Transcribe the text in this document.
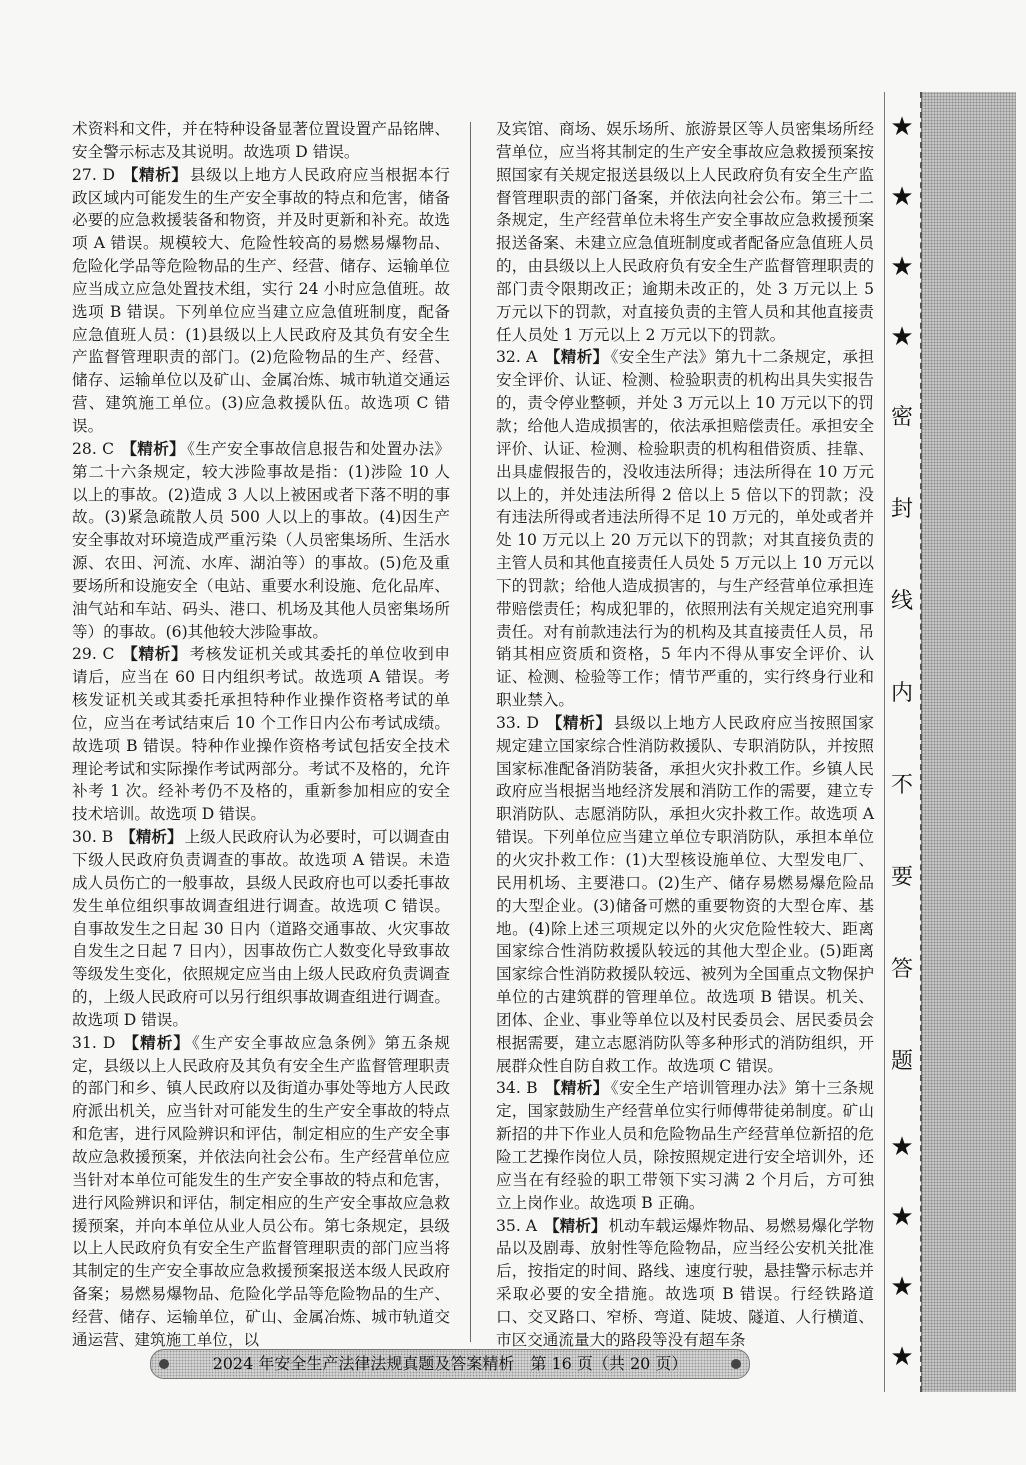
术资料和文件，并在特种设备显著位置设置产品铭牌、安全警示标志及其说明。故选项 D 错误。

27. D 【精析】 县级以上地方人民政府应当根据本行政区域内可能发生的生产安全事故的特点和危害，储备必要的应急救援装备和物资，并及时更新和补充。故选项 A 错误。规模较大、危险性较高的易燃易爆物品、危险化学品等危险物品的生产、经营、储存、运输单位应当成立应急处置技术组，实行 24 小时应急值班。故选项 B 错误。下列单位应当建立应急值班制度，配备应急值班人员：(1)县级以上人民政府及其负有安全生产监督管理职责的部门。(2)危险物品的生产、经营、储存、运输单位以及矿山、金属冶炼、城市轨道交通运营、建筑施工单位。(3)应急救援队伍。故选项 C 错误。

28. C 【精析】 《生产安全事故信息报告和处置办法》第二十六条规定，较大涉险事故是指：(1)涉险 10 人以上的事故。(2)造成 3 人以上被困或者下落不明的事故。(3)紧急疏散人员 500 人以上的事故。(4)因生产安全事故对环境造成严重污染（人员密集场所、生活水源、农田、河流、水库、湖泊等）的事故。(5)危及重要场所和设施安全（电站、重要水利设施、危化品库、油气站和车站、码头、港口、机场及其他人员密集场所等）的事故。(6)其他较大涉险事故。

29. C 【精析】 考核发证机关或其委托的单位收到申请后，应当在 60 日内组织考试。故选项 A 错误。考核发证机关或其委托承担特种作业操作资格考试的单位，应当在考试结束后 10 个工作日内公布考试成绩。故选项 B 错误。特种作业操作资格考试包括安全技术理论考试和实际操作考试两部分。考试不及格的，允许补考 1 次。经补考仍不及格的，重新参加相应的安全技术培训。故选项 D 错误。

30. B 【精析】 上级人民政府认为必要时，可以调查由下级人民政府负责调查的事故。故选项 A 错误。未造成人员伤亡的一般事故，县级人民政府也可以委托事故发生单位组织事故调查组进行调查。故选项 C 错误。自事故发生之日起 30 日内（道路交通事故、火灾事故自发生之日起 7 日内），因事故伤亡人数变化导致事故等级发生变化，依照规定应当由上级人民政府负责调查的，上级人民政府可以另行组织事故调查组进行调查。故选项 D 错误。

31. D 【精析】 《生产安全事故应急条例》第五条规定，县级以上人民政府及其负有安全生产监督管理职责的部门和乡、镇人民政府以及街道办事处等地方人民政府派出机关，应当针对可能发生的生产安全事故的特点和危害，进行风险辨识和评估，制定相应的生产安全事故应急救援预案，并依法向社会公布。生产经营单位应当针对本单位可能发生的生产安全事故的特点和危害，进行风险辨识和评估，制定相应的生产安全事故应急救援预案，并向本单位从业人员公布。第七条规定，县级以上人民政府负有安全生产监督管理职责的部门应当将其制定的生产安全事故应急救援预案报送本级人民政府备案；易燃易爆物品、危险化学品等危险物品的生产、经营、储存、运输单位，矿山、金属冶炼、城市轨道交通运营、建筑施工单位，以

及宾馆、商场、娱乐场所、旅游景区等人员密集场所经营单位，应当将其制定的生产安全事故应急救援预案按照国家有关规定报送县级以上人民政府负有安全生产监督管理职责的部门备案，并依法向社会公布。第三十二条规定，生产经营单位未将生产安全事故应急救援预案报送备案、未建立应急值班制度或者配备应急值班人员的，由县级以上人民政府负有安全生产监督管理职责的部门责令限期改正；逾期未改正的，处 3 万元以上 5 万元以下的罚款，对直接负责的主管人员和其他直接责任人员处 1 万元以上 2 万元以下的罚款。

32. A 【精析】 《安全生产法》第九十二条规定，承担安全评价、认证、检测、检验职责的机构出具失实报告的，责令停业整顿，并处 3 万元以上 10 万元以下的罚款；给他人造成损害的，依法承担赔偿责任。承担安全评价、认证、检测、检验职责的机构租借资质、挂靠、出具虚假报告的，没收违法所得；违法所得在 10 万元以上的，并处违法所得 2 倍以上 5 倍以下的罚款；没有违法所得或者违法所得不足 10 万元的，单处或者并处 10 万元以上 20 万元以下的罚款；对其直接负责的主管人员和其他直接责任人员处 5 万元以上 10 万元以下的罚款；给他人造成损害的，与生产经营单位承担连带赔偿责任；构成犯罪的，依照刑法有关规定追究刑事责任。对有前款违法行为的机构及其直接责任人员，吊销其相应资质和资格，5 年内不得从事安全评价、认证、检测、检验等工作；情节严重的，实行终身行业和职业禁入。

33. D 【精析】 县级以上地方人民政府应当按照国家规定建立国家综合性消防救援队、专职消防队，并按照国家标准配备消防装备，承担火灾扑救工作。乡镇人民政府应当根据当地经济发展和消防工作的需要，建立专职消防队、志愿消防队，承担火灾扑救工作。故选项 A 错误。下列单位应当建立单位专职消防队，承担本单位的火灾扑救工作：(1)大型核设施单位、大型发电厂、民用机场、主要港口。(2)生产、储存易燃易爆危险品的大型企业。(3)储备可燃的重要物资的大型仓库、基地。(4)除上述三项规定以外的火灾危险性较大、距离国家综合性消防救援队较远的其他大型企业。(5)距离国家综合性消防救援队较远、被列为全国重点文物保护单位的古建筑群的管理单位。故选项 B 错误。机关、团体、企业、事业等单位以及村民委员会、居民委员会根据需要，建立志愿消防队等多种形式的消防组织，开展群众性自防自救工作。故选项 C 错误。

34. B 【精析】 《安全生产培训管理办法》第十三条规定，国家鼓励生产经营单位实行师傅带徒弟制度。矿山新招的井下作业人员和危险物品生产经营单位新招的危险工艺操作岗位人员，除按照规定进行安全培训外，还应当在有经验的职工带领下实习满 2 个月后，方可独立上岗作业。故选项 B 正确。

35. A 【精析】 机动车载运爆炸物品、易燃易爆化学物品以及剧毒、放射性等危险物品，应当经公安机关批准后，按指定的时间、路线、速度行驶，悬挂警示标志并采取必要的安全措施。故选项 B 错误。行经铁路道口、交叉路口、窄桥、弯道、陡坡、隧道、人行横道、市区交通流量大的路段等没有超车条

★
★
★
★
密
封
线
内
不
要
答
题
★
★
★
★
2024 年安全生产法律法规真题及答案精析　第 16 页（共 20 页）
